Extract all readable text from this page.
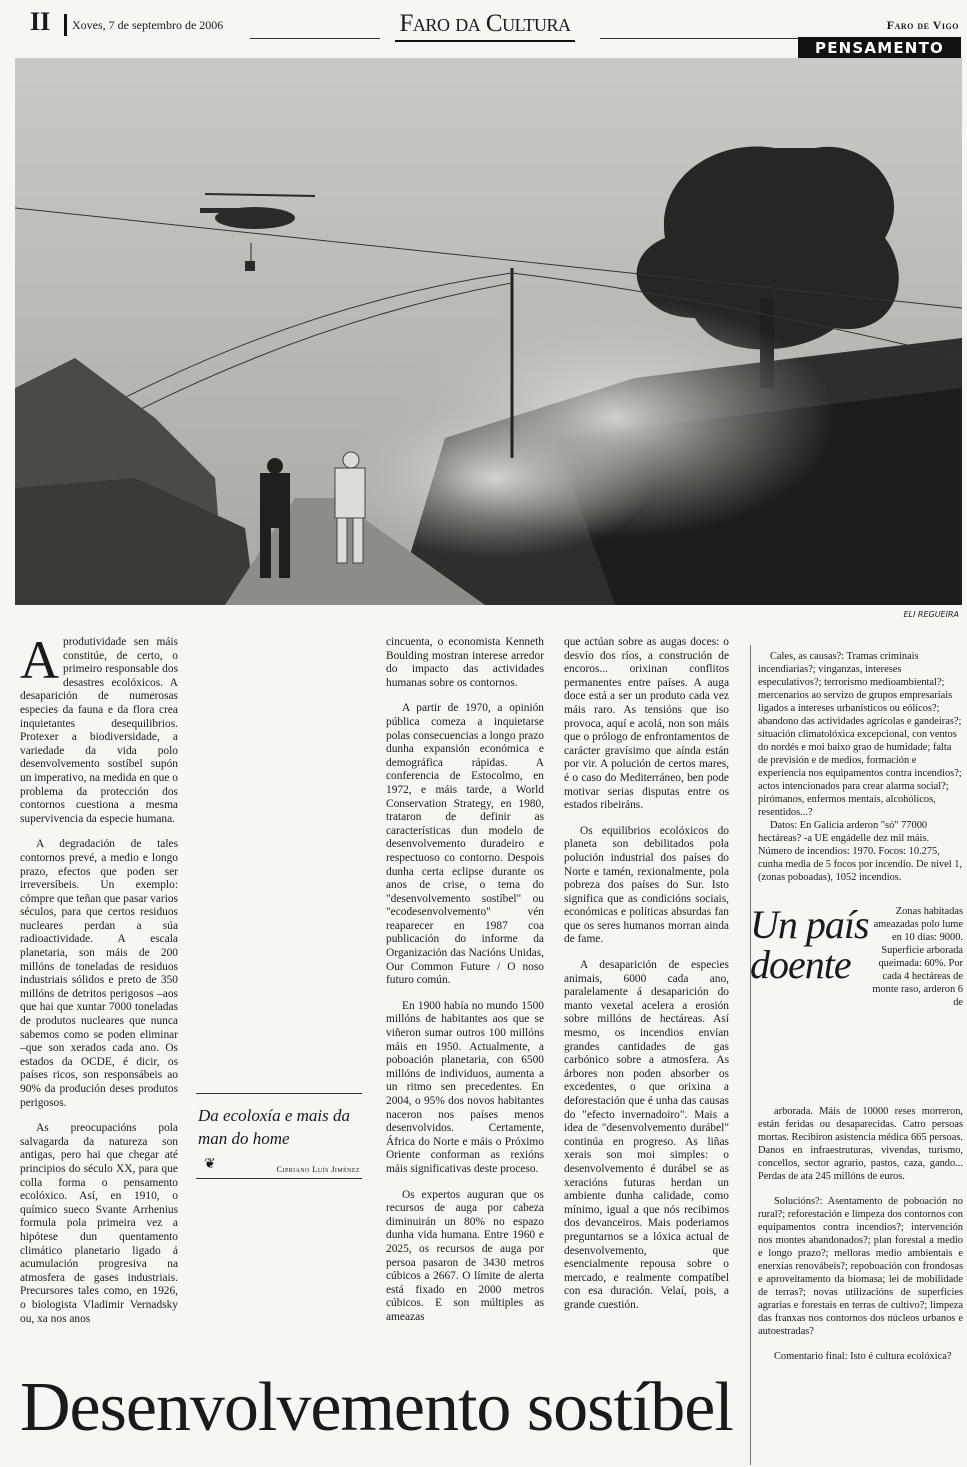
II Xoves, 7 de septembro de 2006	Faro da Cultura	Faro de Vigo
PENSAMENTO
ELI REGUEIRA

Aprodutividade sen máis constitúe, de certo, o primeiro responsable dos desastres ecolóxicos. A desaparición de numerosas especies da fauna e da flora crea inquietantes desequilibrios. Protexer a biodiversidade, a variedade da vida polo desenvolvemento sostíbel supón un imperativo, na medida en que o problema da protección dos contornos cuestiona a mesma supervivencia da especie humana.

A degradación de tales contornos prevé, a medio e longo prazo, efectos que poden ser irreversíbeis. Un exemplo: cómpre que teñan que pasar varios séculos, para que certos residuos nucleares perdan a súa radioactividade. A escala planetaria, son máis de 200 millóns de toneladas de residuos industriais sólidos e preto de 350 millóns de detritos perigosos –aos que hai que xuntar 7000 toneladas de produtos nucleares que nunca sabemos como se poden eliminar –que son xerados cada ano. Os estados da OCDE, é dicir, os países ricos, son responsábeis ao 90% da produción deses produtos perigosos.

As preocupacións pola salvagarda da natureza son antigas, pero hai que chegar até principios do século XX, para que colla forma o pensamento ecolóxico. Así, en 1910, o químico sueco Svante Arrhenius formula pola primeira vez a hipótese dun quentamento climático planetario ligado á acumulación progresiva na atmosfera de gases industriais. Precursores tales como, en 1926, o biologista Vladimir Vernadsky ou, xa nos anos

Da ecoloxía e mais da man do home
❦	Cipriano Luís Jiménez

cincuenta, o economista Kenneth Boulding mostran interese arredor do impacto das actividades humanas sobre os contornos.

A partir de 1970, a opinión pública comeza a inquietarse polas consecuencias a longo prazo dunha expansión económica e demográfica rápidas. A conferencia de Estocolmo, en 1972, e máis tarde, a World Conservation Strategy, en 1980, trataron de definir as características dun modelo de desenvolvemento duradeiro e respectuoso co contorno. Despois dunha certa eclipse durante os anos de crise, o tema do "desenvolvemento sostíbel" ou "ecodesenvolvemento" vén reaparecer en 1987 coa publicación do informe da Organización das Nacións Unidas, Our Common Future / O noso futuro común.

En 1900 había no mundo 1500 millóns de habitantes aos que se viñeron sumar outros 100 millóns máis en 1950. Actualmente, a poboación planetaria, con 6500 millóns de individuos, aumenta a un ritmo sen precedentes. En 2004, o 95% dos novos habitantes naceron nos países menos desenvolvidos. Certamente, África do Norte e máis o Próximo Oriente conforman as rexións máis significativas deste proceso.

Os expertos auguran que os recursos de auga por cabeza diminuirán un 80% no espazo dunha vida humana. Entre 1960 e 2025, os recursos de auga por persoa pasaron de 3430 metros cúbicos a 2667. O límite de alerta está fixado en 2000 metros cúbicos. E son múltiples as ameazas

que actúan sobre as augas doces: o desvío dos ríos, a construción de encoros... orixinan conflitos permanentes entre países. A auga doce está a ser un produto cada vez máis raro. As tensións que iso provoca, aquí e acolá, non son máis que o prólogo de enfrontamentos de carácter gravísimo que aínda están por vir. A polución de certos mares, é o caso do Mediterráneo, ben pode motivar serias disputas entre os estados ribeiráns.

Os equilibrios ecolóxicos do planeta son debilitados pola polución industrial dos países do Norte e tamén, rexionalmente, pola pobreza dos países do Sur. Isto significa que as condicións sociais, económicas e políticas absurdas fan que os seres humanos morran ainda de fame.

A desaparición de especies animais, 6000 cada ano, paralelamente á desaparición do manto vexetal acelera a erosión sobre millóns de hectáreas. Así mesmo, os incendios envían grandes cantidades de gas carbónico sobre a atmosfera. As árbores non poden absorber os excedentes, o que orixina a deforestación que é unha das causas do "efecto invernadoiro". Mais a idea de "desenvolvemento durábel" continúa en progreso. As liñas xerais son moi simples: o desenvolvemento é durábel se as xeracións futuras herdan un ambiente dunha calidade, como mínimo, igual a que nós recibimos dos devanceiros. Mais poderiamos preguntarnos se a lóxica actual de desenvolvemento, que esencialmente repousa sobre o mercado, e realmente compatíbel con esa duración. Velaí, pois, a grande cuestión.

Cales, as causas?: Tramas criminais incendiarias?; vinganzas, intereses especulativos?; terrorismo medioambiental?; mercenarios ao servizo de grupos empresariais ligados a intereses urbanísticos ou eólicos?; abandono das actividades agrícolas e gandeiras?; situación climatolóxica excepcional, con ventos do nordés e moi baixo grao de humidade; falta de previsión e de medios, formación e experiencia nos equipamentos contra incendios?; actos intencionados para crear alarma social?; pirómanos, enfermos mentais, alcohólicos, resentidos...?

Datos: En Galicia arderon "só" 77000 hectáreas? -a UE engádelle dez mil máis. Número de incendios: 1970. Focos: 10.275, cunha media de 5 focos por incendio. De nivel 1, (zonas poboadas), 1052 incendios.

Un país
doente
Zonas habitadas ameazadas polo lume en 10 días: 9000. Superficie arborada queimada: 60%. Por cada 4 hectáreas de monte raso, arderon 6 de

arborada. Máis de 10000 reses morreron, están feridas ou desaparecidas. Catro persoas mortas. Recibiron asistencia médica 665 persoas. Danos en infraestruturas, vivendas, turismo, concellos, sector agrario, pastos, caza, gando... Perdas de ata 245 millóns de euros.

Solucións?: Asentamento de poboación no rural?; reforestación e limpeza dos contornos con equipamentos contra incendios?; intervención nos montes abandonados?; plan forestal a medio e longo prazo?; melloras medio ambientais e enerxías renovábeis?; repoboación con frondosas e aproveitamento da biomasa; lei de mobilidade de terras?; novas utilizacións de superficies agrarias e forestais en terras de cultivo?; limpeza das franxas nos contornos dos núcleos urbanos e autoestradas?

Comentario final: Isto é cultura ecolóxica?

Desenvolvemento sostíbel
